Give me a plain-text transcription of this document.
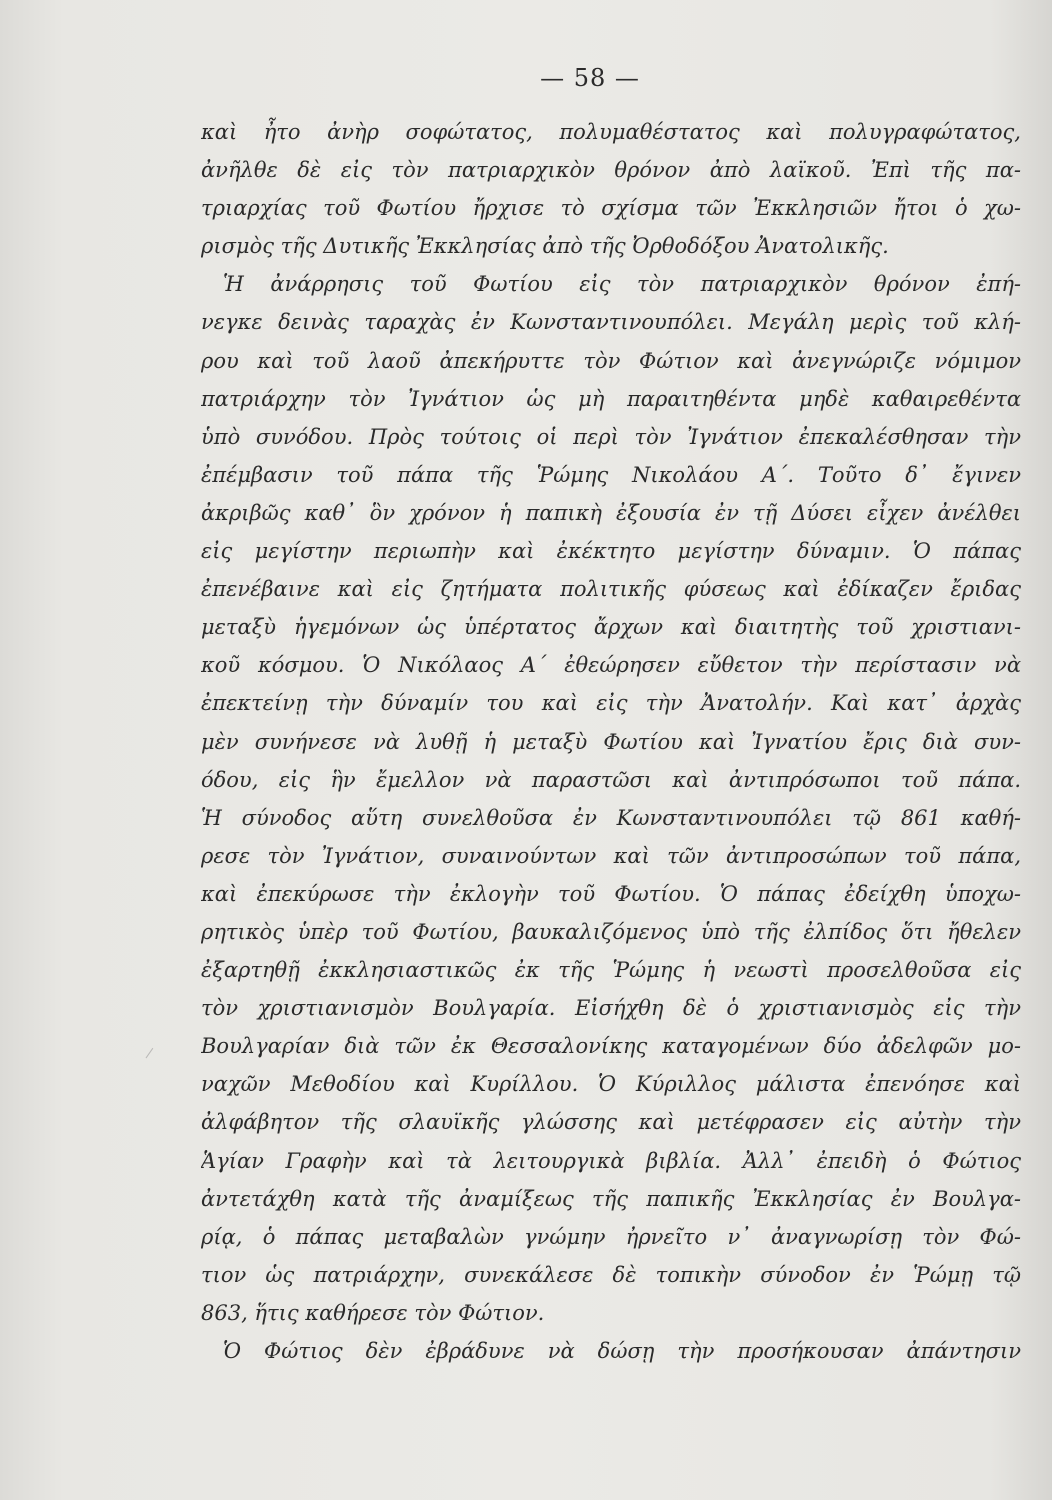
— 58 —
καὶ ἦτο ἀνὴρ σοφώτατος, πολυμαθέστατος καὶ πολυγραφώτατος,
ἀνῆλθε δὲ εἰς τὸν πατριαρχικὸν θρόνον ἀπὸ λαϊκοῦ. Ἐπὶ τῆς πα-
τριαρχίας τοῦ Φωτίου ἤρχισε τὸ σχίσμα τῶν Ἐκκλησιῶν ἤτοι ὁ χω-
ρισμὸς τῆς Δυτικῆς Ἐκκλησίας ἀπὸ τῆς Ὀρθοδόξου Ἀνατολικῆς.
Ἡ ἀνάρρησις τοῦ Φωτίου εἰς τὸν πατριαρχικὸν θρόνον ἐπή-
νεγκε δεινὰς ταραχὰς ἐν Κωνσταντινουπόλει. Μεγάλη μερὶς τοῦ κλή-
ρου καὶ τοῦ λαοῦ ἀπεκήρυττε τὸν Φώτιον καὶ ἀνεγνώριζε νόμιμον
πατριάρχην τὸν Ἰγνάτιον ὡς μὴ παραιτηθέντα μηδὲ καθαιρεθέντα
ὑπὸ συνόδου. Πρὸς τούτοις οἱ περὶ τὸν Ἰγνάτιον ἐπεκαλέσθησαν τὴν
ἐπέμβασιν τοῦ πάπα τῆς Ῥώμης Νικολάου Α΄. Τοῦτο δ᾽ ἔγινεν
ἀκριβῶς καθ᾽ ὃν χρόνον ἡ παπικὴ ἐξουσία ἐν τῇ Δύσει εἶχεν ἀνέλθει
εἰς μεγίστην περιωπὴν καὶ ἐκέκτητο μεγίστην δύναμιν. Ὁ πάπας
ἐπενέβαινε καὶ εἰς ζητήματα πολιτικῆς φύσεως καὶ ἐδίκαζεν ἔριδας
μεταξὺ ἡγεμόνων ὡς ὑπέρτατος ἄρχων καὶ διαιτητὴς τοῦ χριστιανι-
κοῦ κόσμου. Ὁ Νικόλαος Α΄ ἐθεώρησεν εὔθετον τὴν περίστασιν νὰ
ἐπεκτείνῃ τὴν δύναμίν του καὶ εἰς τὴν Ἀνατολήν. Καὶ κατ᾽ ἀρχὰς
μὲν συνήνεσε νὰ λυθῇ ἡ μεταξὺ Φωτίου καὶ Ἰγνατίου ἔρις διὰ συν-
όδου, εἰς ἣν ἔμελλον νὰ παραστῶσι καὶ ἀντιπρόσωποι τοῦ πάπα.
Ἡ σύνοδος αὕτη συνελθοῦσα ἐν Κωνσταντινουπόλει τῷ 861 καθή-
ρεσε τὸν Ἰγνάτιον, συναινούντων καὶ τῶν ἀντιπροσώπων τοῦ πάπα,
καὶ ἐπεκύρωσε τὴν ἐκλογὴν τοῦ Φωτίου. Ὁ πάπας ἐδείχθη ὑποχω-
ρητικὸς ὑπὲρ τοῦ Φωτίου, βαυκαλιζόμενος ὑπὸ τῆς ἐλπίδος ὅτι ἤθελεν
ἐξαρτηθῇ ἐκκλησιαστικῶς ἐκ τῆς Ῥώμης ἡ νεωστὶ προσελθοῦσα εἰς
τὸν χριστιανισμὸν Βουλγαρία. Εἰσήχθη δὲ ὁ χριστιανισμὸς εἰς τὴν
Βουλγαρίαν διὰ τῶν ἐκ Θεσσαλονίκης καταγομένων δύο ἀδελφῶν μο-
ναχῶν Μεθοδίου καὶ Κυρίλλου. Ὁ Κύριλλος μάλιστα ἐπενόησε καὶ
ἀλφάβητον τῆς σλαυϊκῆς γλώσσης καὶ μετέφρασεν εἰς αὐτὴν τὴν
Ἁγίαν Γραφὴν καὶ τὰ λειτουργικὰ βιβλία. Ἀλλ᾽ ἐπειδὴ ὁ Φώτιος
ἀντετάχθη κατὰ τῆς ἀναμίξεως τῆς παπικῆς Ἐκκλησίας ἐν Βουλγα-
ρίᾳ, ὁ πάπας μεταβαλὼν γνώμην ἠρνεῖτο ν᾽ ἀναγνωρίσῃ τὸν Φώ-
τιον ὡς πατριάρχην, συνεκάλεσε δὲ τοπικὴν σύνοδον ἐν Ῥώμῃ τῷ
863, ἥτις καθήρεσε τὸν Φώτιον.
Ὁ Φώτιος δὲν ἐβράδυνε νὰ δώσῃ τὴν προσήκουσαν ἀπάντησιν
